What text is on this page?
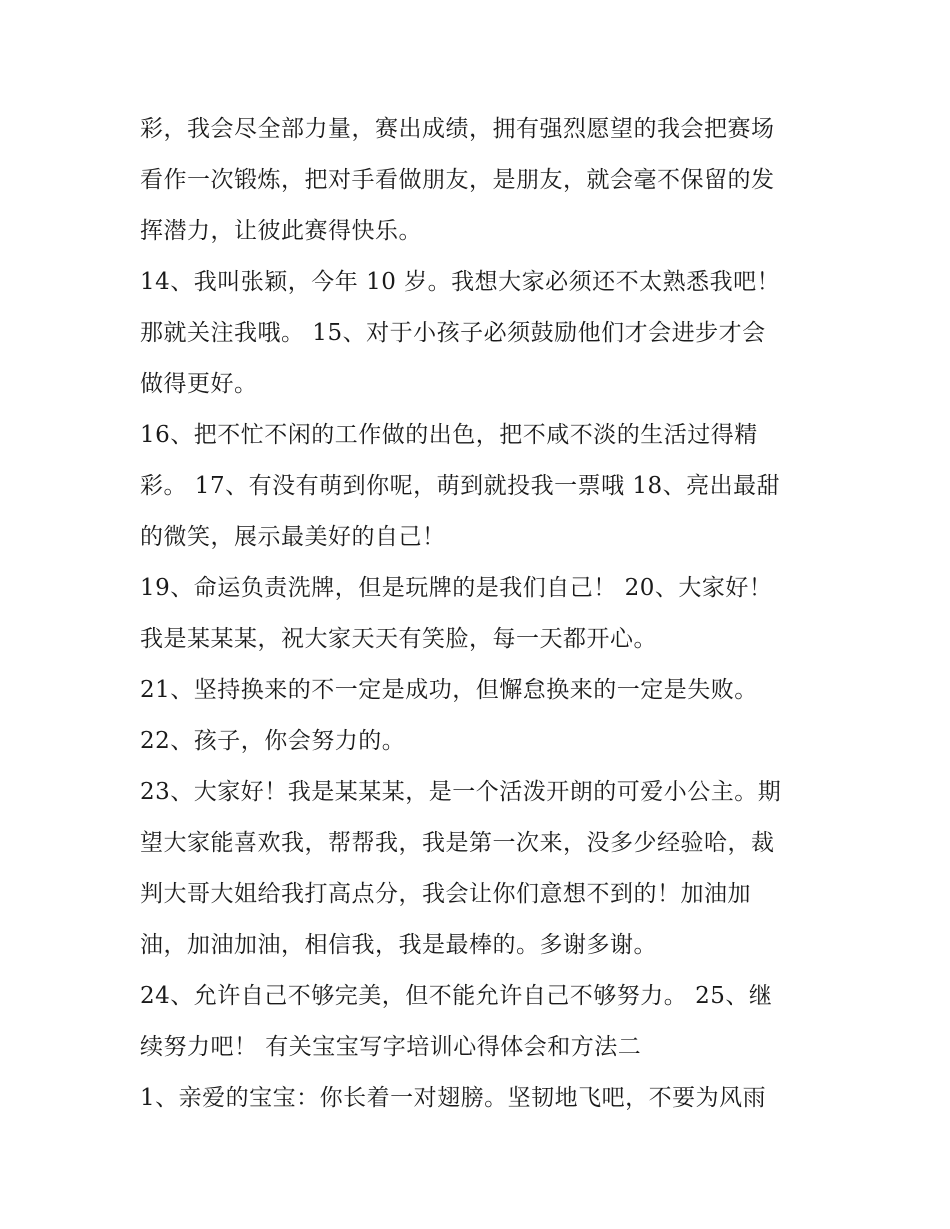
彩，我会尽全部力量，赛出成绩，拥有强烈愿望的我会把赛场
看作一次锻炼，把对手看做朋友，是朋友，就会毫不保留的发
挥潜力，让彼此赛得快乐。
14、我叫张颖，今年 10 岁。我想大家必须还不太熟悉我吧！
那就关注我哦。 15、对于小孩子必须鼓励他们才会进步才会
做得更好。
16、把不忙不闲的工作做的出色，把不咸不淡的生活过得精
彩。 17、有没有萌到你呢，萌到就投我一票哦 18、亮出最甜
的微笑，展示最美好的自己！
19、命运负责洗牌，但是玩牌的是我们自己！ 20、大家好！
我是某某某，祝大家天天有笑脸，每一天都开心。
21、坚持换来的不一定是成功，但懈怠换来的一定是失败。
22、孩子，你会努力的。
23、大家好！我是某某某，是一个活泼开朗的可爱小公主。期
望大家能喜欢我，帮帮我，我是第一次来，没多少经验哈，裁
判大哥大姐给我打高点分，我会让你们意想不到的！加油加
油，加油加油，相信我，我是最棒的。多谢多谢。
24、允许自己不够完美，但不能允许自己不够努力。 25、继
续努力吧！ 有关宝宝写字培训心得体会和方法二
1、亲爱的宝宝：你长着一对翅膀。坚韧地飞吧，不要为风雨
